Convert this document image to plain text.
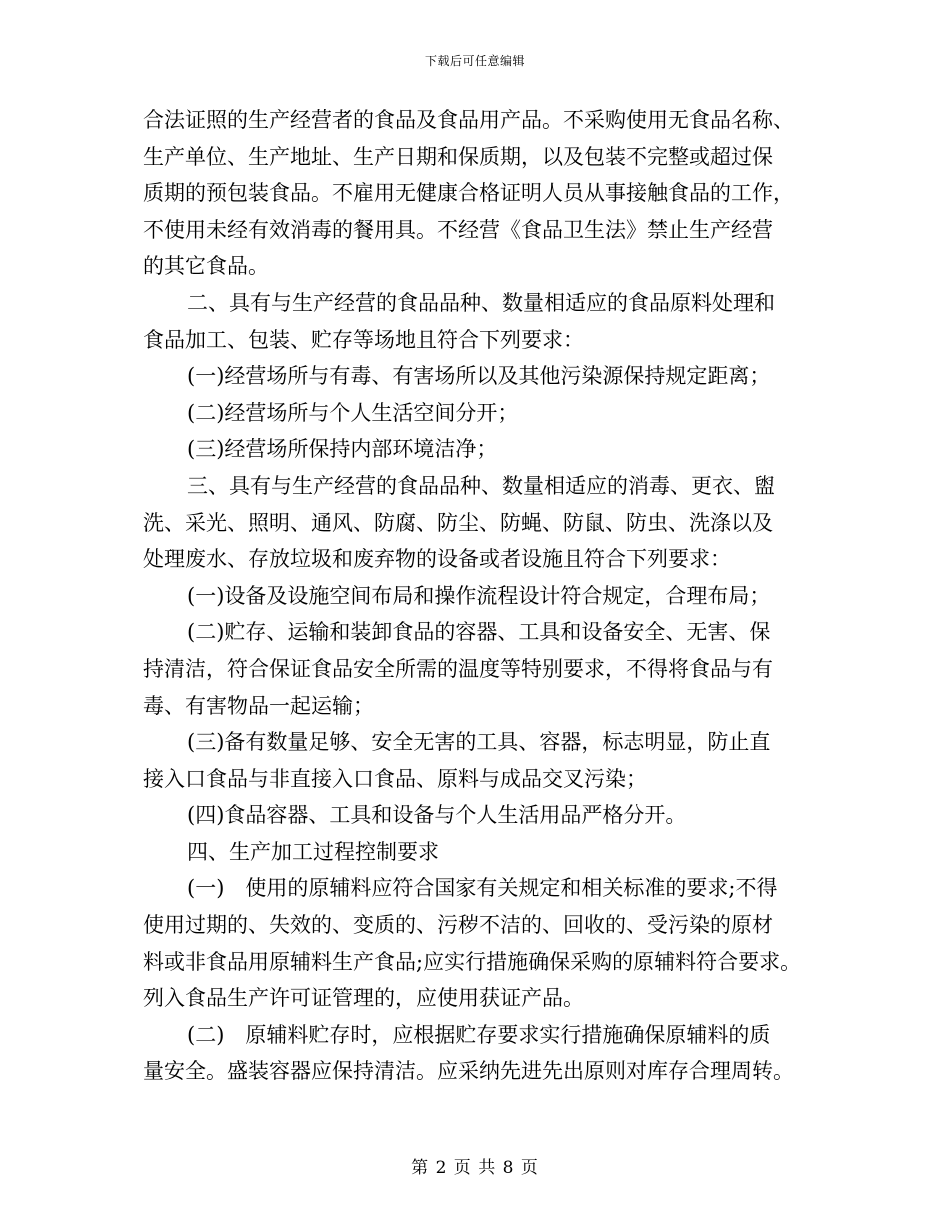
下载后可任意编辑
合法证照的生产经营者的食品及食品用产品。不采购使用无食品名称、
生产单位、生产地址、生产日期和保质期，以及包装不完整或超过保
质期的预包装食品。不雇用无健康合格证明人员从事接触食品的工作，
不使用未经有效消毒的餐用具。不经营《食品卫生法》禁止生产经营
的其它食品。
二、具有与生产经营的食品品种、数量相适应的食品原料处理和
食品加工、包装、贮存等场地且符合下列要求：
(一)经营场所与有毒、有害场所以及其他污染源保持规定距离；
(二)经营场所与个人生活空间分开；
(三)经营场所保持内部环境洁净；
三、具有与生产经营的食品品种、数量相适应的消毒、更衣、盥
洗、采光、照明、通风、防腐、防尘、防蝇、防鼠、防虫、洗涤以及
处理废水、存放垃圾和废弃物的设备或者设施且符合下列要求：
(一)设备及设施空间布局和操作流程设计符合规定，合理布局；
(二)贮存、运输和装卸食品的容器、工具和设备安全、无害、保
持清洁，符合保证食品安全所需的温度等特别要求，不得将食品与有
毒、有害物品一起运输；
(三)备有数量足够、安全无害的工具、容器，标志明显，防止直
接入口食品与非直接入口食品、原料与成品交叉污染；
(四)食品容器、工具和设备与个人生活用品严格分开。
四、生产加工过程控制要求
(一)　使用的原辅料应符合国家有关规定和相关标准的要求;不得
使用过期的、失效的、变质的、污秽不洁的、回收的、受污染的原材
料或非食品用原辅料生产食品;应实行措施确保采购的原辅料符合要求。
列入食品生产许可证管理的，应使用获证产品。
(二)　原辅料贮存时，应根据贮存要求实行措施确保原辅料的质
量安全。盛装容器应保持清洁。应采纳先进先出原则对库存合理周转。
第 2 页 共 8 页
